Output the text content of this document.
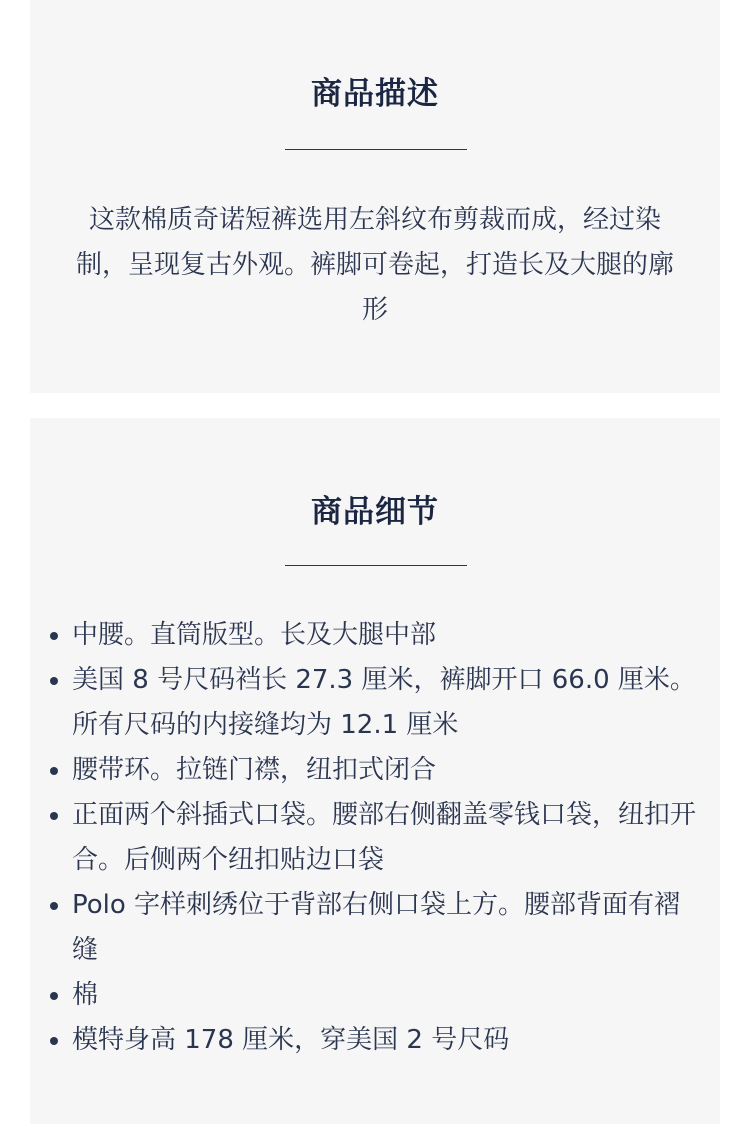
商品描述

这款棉质奇诺短裤选用左斜纹布剪裁而成，经过染制，呈现复古外观。裤脚可卷起，打造长及大腿的廓形

商品细节
中腰。直筒版型。长及大腿中部
美国 8 号尺码裆长 27.3 厘米，裤脚开口 66.0 厘米。所有尺码的内接缝均为 12.1 厘米
腰带环。拉链门襟，纽扣式闭合
正面两个斜插式口袋。腰部右侧翻盖零钱口袋，纽扣开合。后侧两个纽扣贴边口袋
Polo 字样刺绣位于背部右侧口袋上方。腰部背面有褶缝
棉
模特身高 178 厘米，穿美国 2 号尺码
